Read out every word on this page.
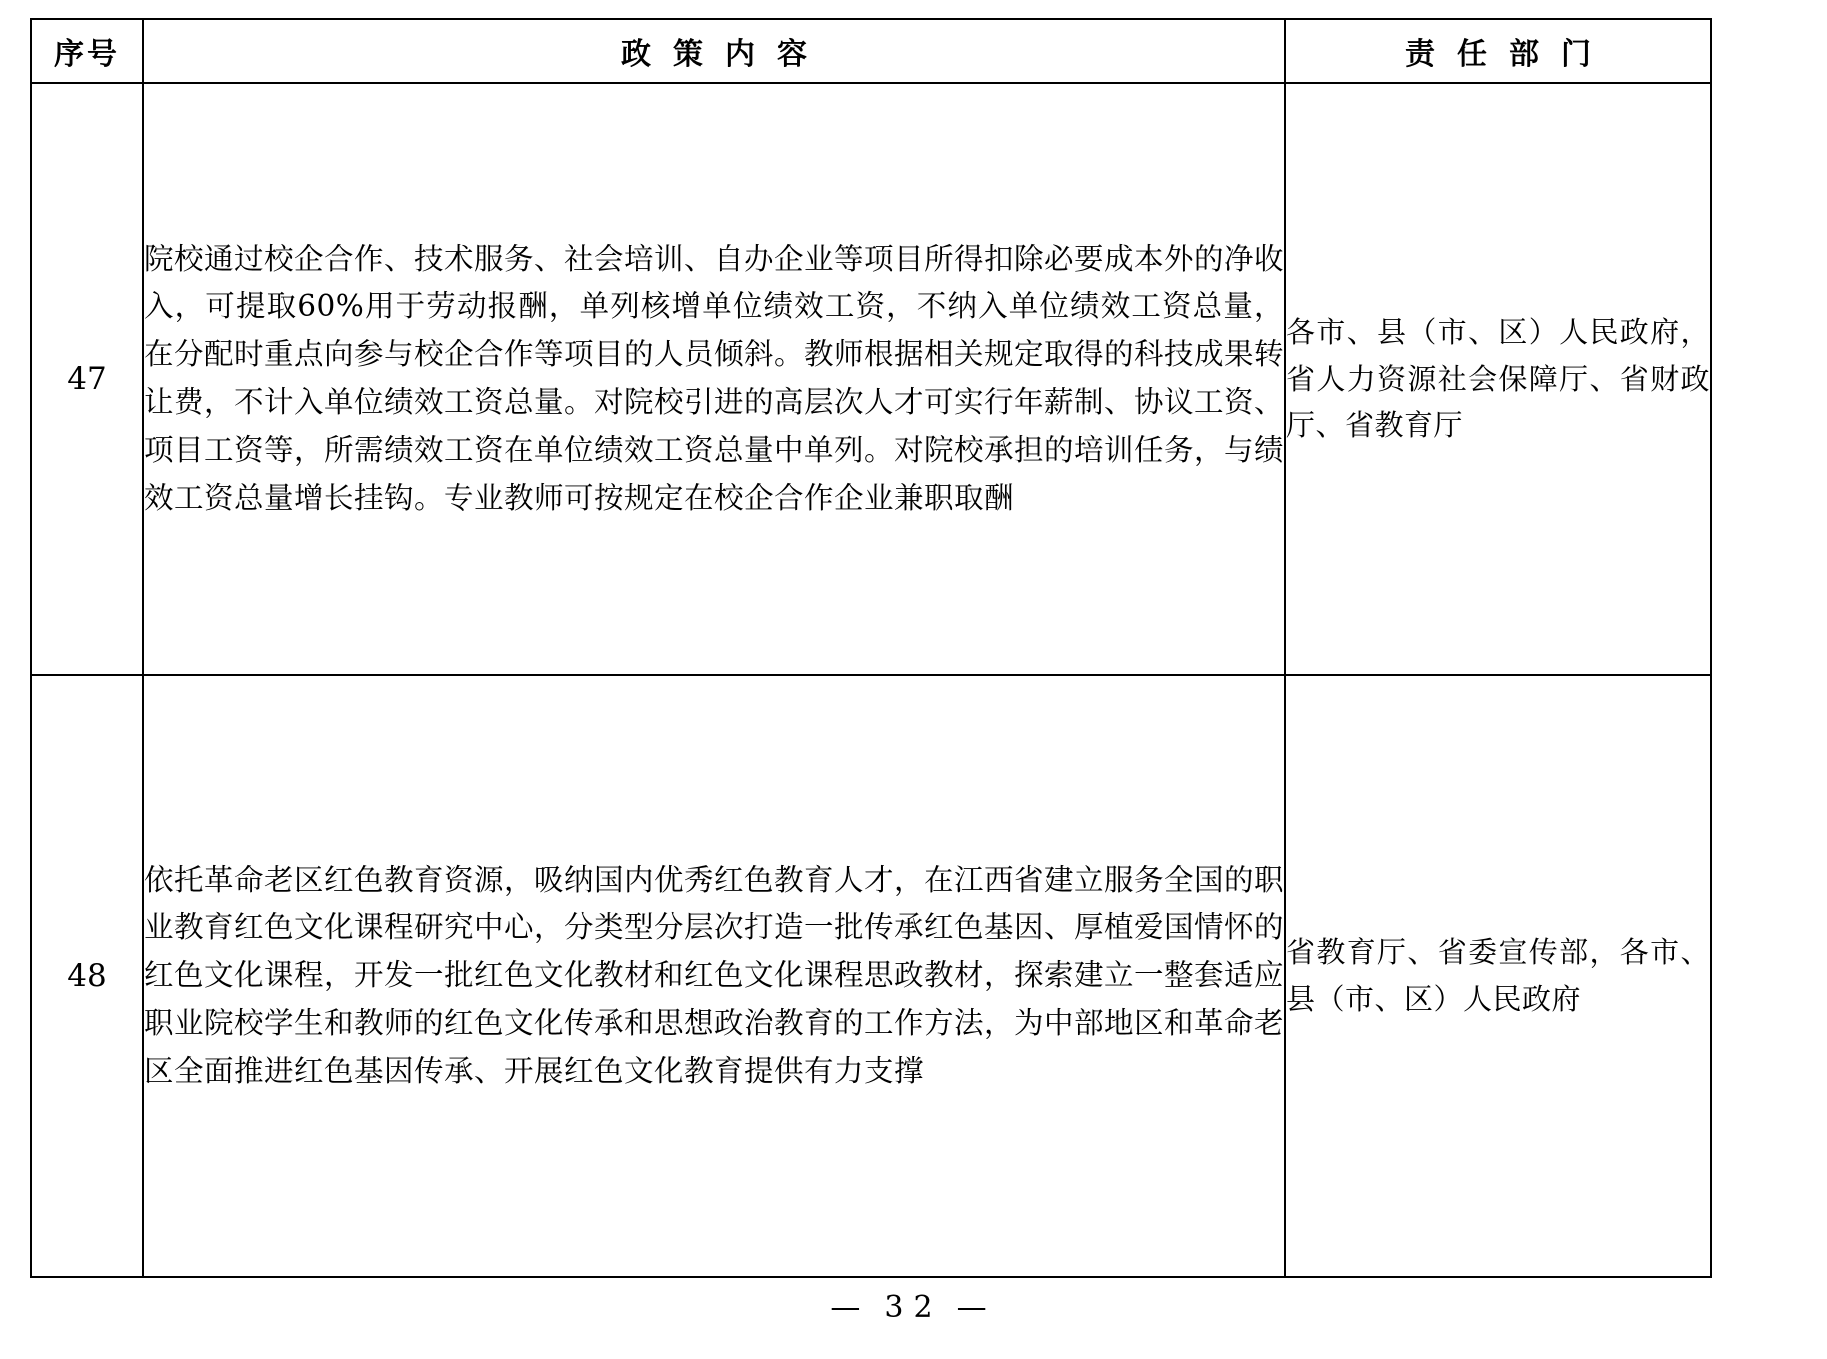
序号	政策内容	责任部门
47	院校通过校企合作、技术服务、社会培训、自办企业等项目所得扣除必要成本外的净收入，可提取60%用于劳动报酬，单列核增单位绩效工资，不纳入单位绩效工资总量，在分配时重点向参与校企合作等项目的人员倾斜。教师根据相关规定取得的科技成果转让费，不计入单位绩效工资总量。对院校引进的高层次人才可实行年薪制、协议工资、项目工资等，所需绩效工资在单位绩效工资总量中单列。对院校承担的培训任务，与绩效工资总量增长挂钩。专业教师可按规定在校企合作企业兼职取酬	各市、县（市、区）人民政府，省人力资源社会保障厅、省财政厅、省教育厅

48	依托革命老区红色教育资源，吸纳国内优秀红色教育人才，在江西省建立服务全国的职业教育红色文化课程研究中心，分类型分层次打造一批传承红色基因、厚植爱国情怀的红色文化课程，开发一批红色文化教材和红色文化课程思政教材，探索建立一整套适应职业院校学生和教师的红色文化传承和思想政治教育的工作方法，为中部地区和革命老区全面推进红色基因传承、开展红色文化教育提供有力支撑	省教育厅、省委宣传部，各市、县（市、区）人民政府
— 32 —
